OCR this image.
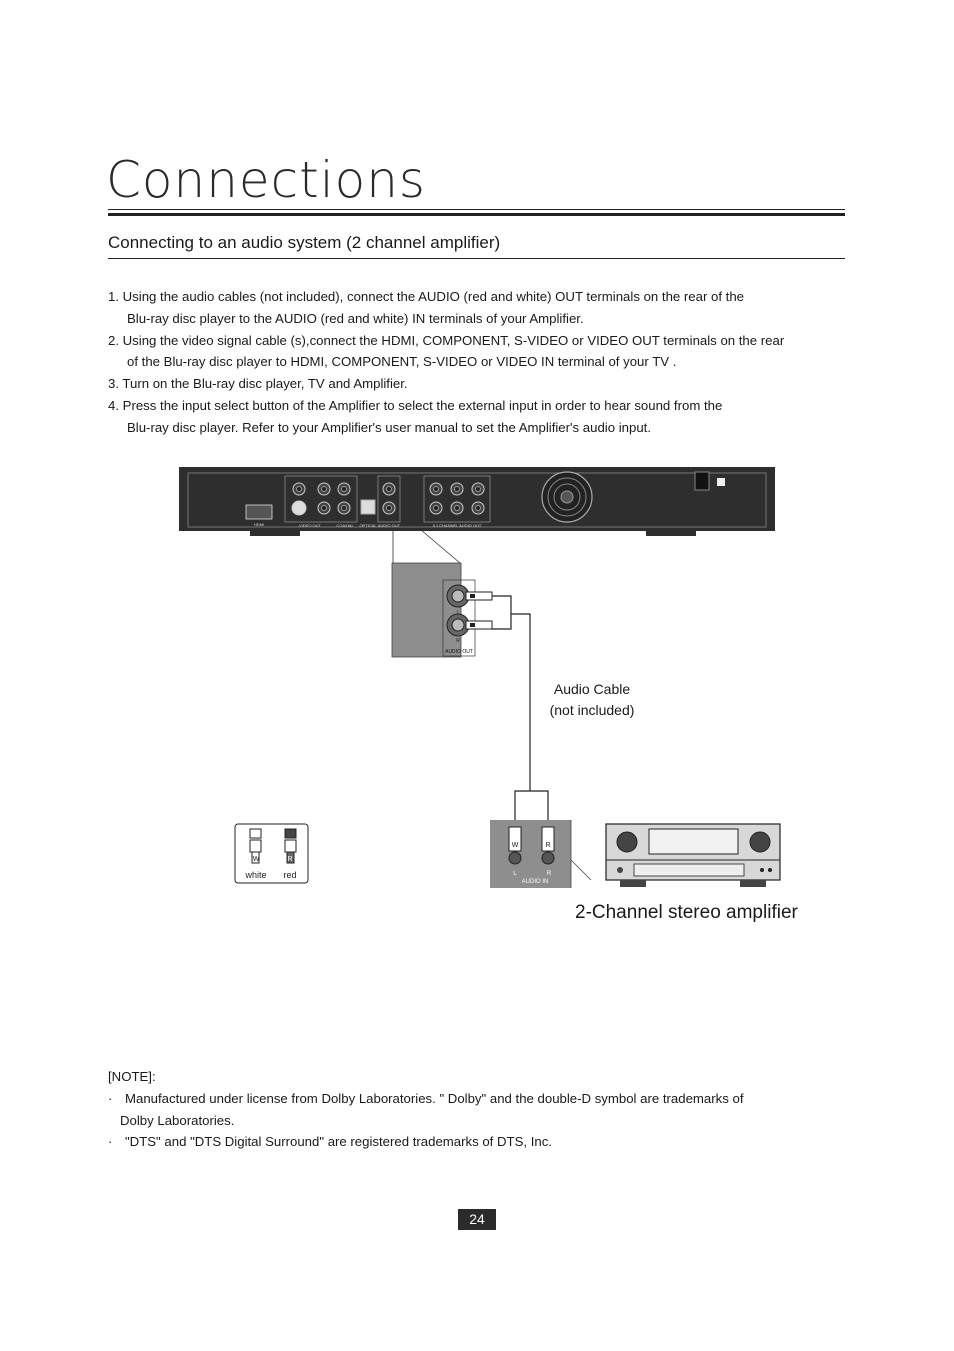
Connections
Connecting to an audio system (2 channel amplifier)
1. Using the audio cables (not included), connect the AUDIO (red and white) OUT terminals on the rear of the
Blu-ray disc player to the AUDIO (red and white) IN terminals of your Amplifier.
2. Using the video signal cable (s),connect the HDMI, COMPONENT, S-VIDEO or VIDEO OUT terminals on the rear
of the Blu-ray disc player to HDMI, COMPONENT, S-VIDEO or VIDEO IN terminal of your TV .
3. Turn on the Blu-ray disc player, TV and Amplifier.
4. Press the input select button of the Amplifier to select the external input in order to hear sound from the
Blu-ray disc player. Refer to your Amplifier's user manual to set the Amplifier's audio input.
HDMI	VIDEO OUT	COAXIAL OPTICAL AUDIO OUT	5.1 CHANNEL AUDIO OUT
L
R
AUDIO OUT
W	R
L	R
AUDIO IN
W	R
white red
Audio Cable
(not included)
2-Channel stereo amplifier
[NOTE]:
· Manufactured under license from Dolby Laboratories. " Dolby" and the double-D symbol are trademarks of
Dolby Laboratories.
· "DTS" and "DTS Digital Surround" are registered trademarks of DTS, Inc.
24
